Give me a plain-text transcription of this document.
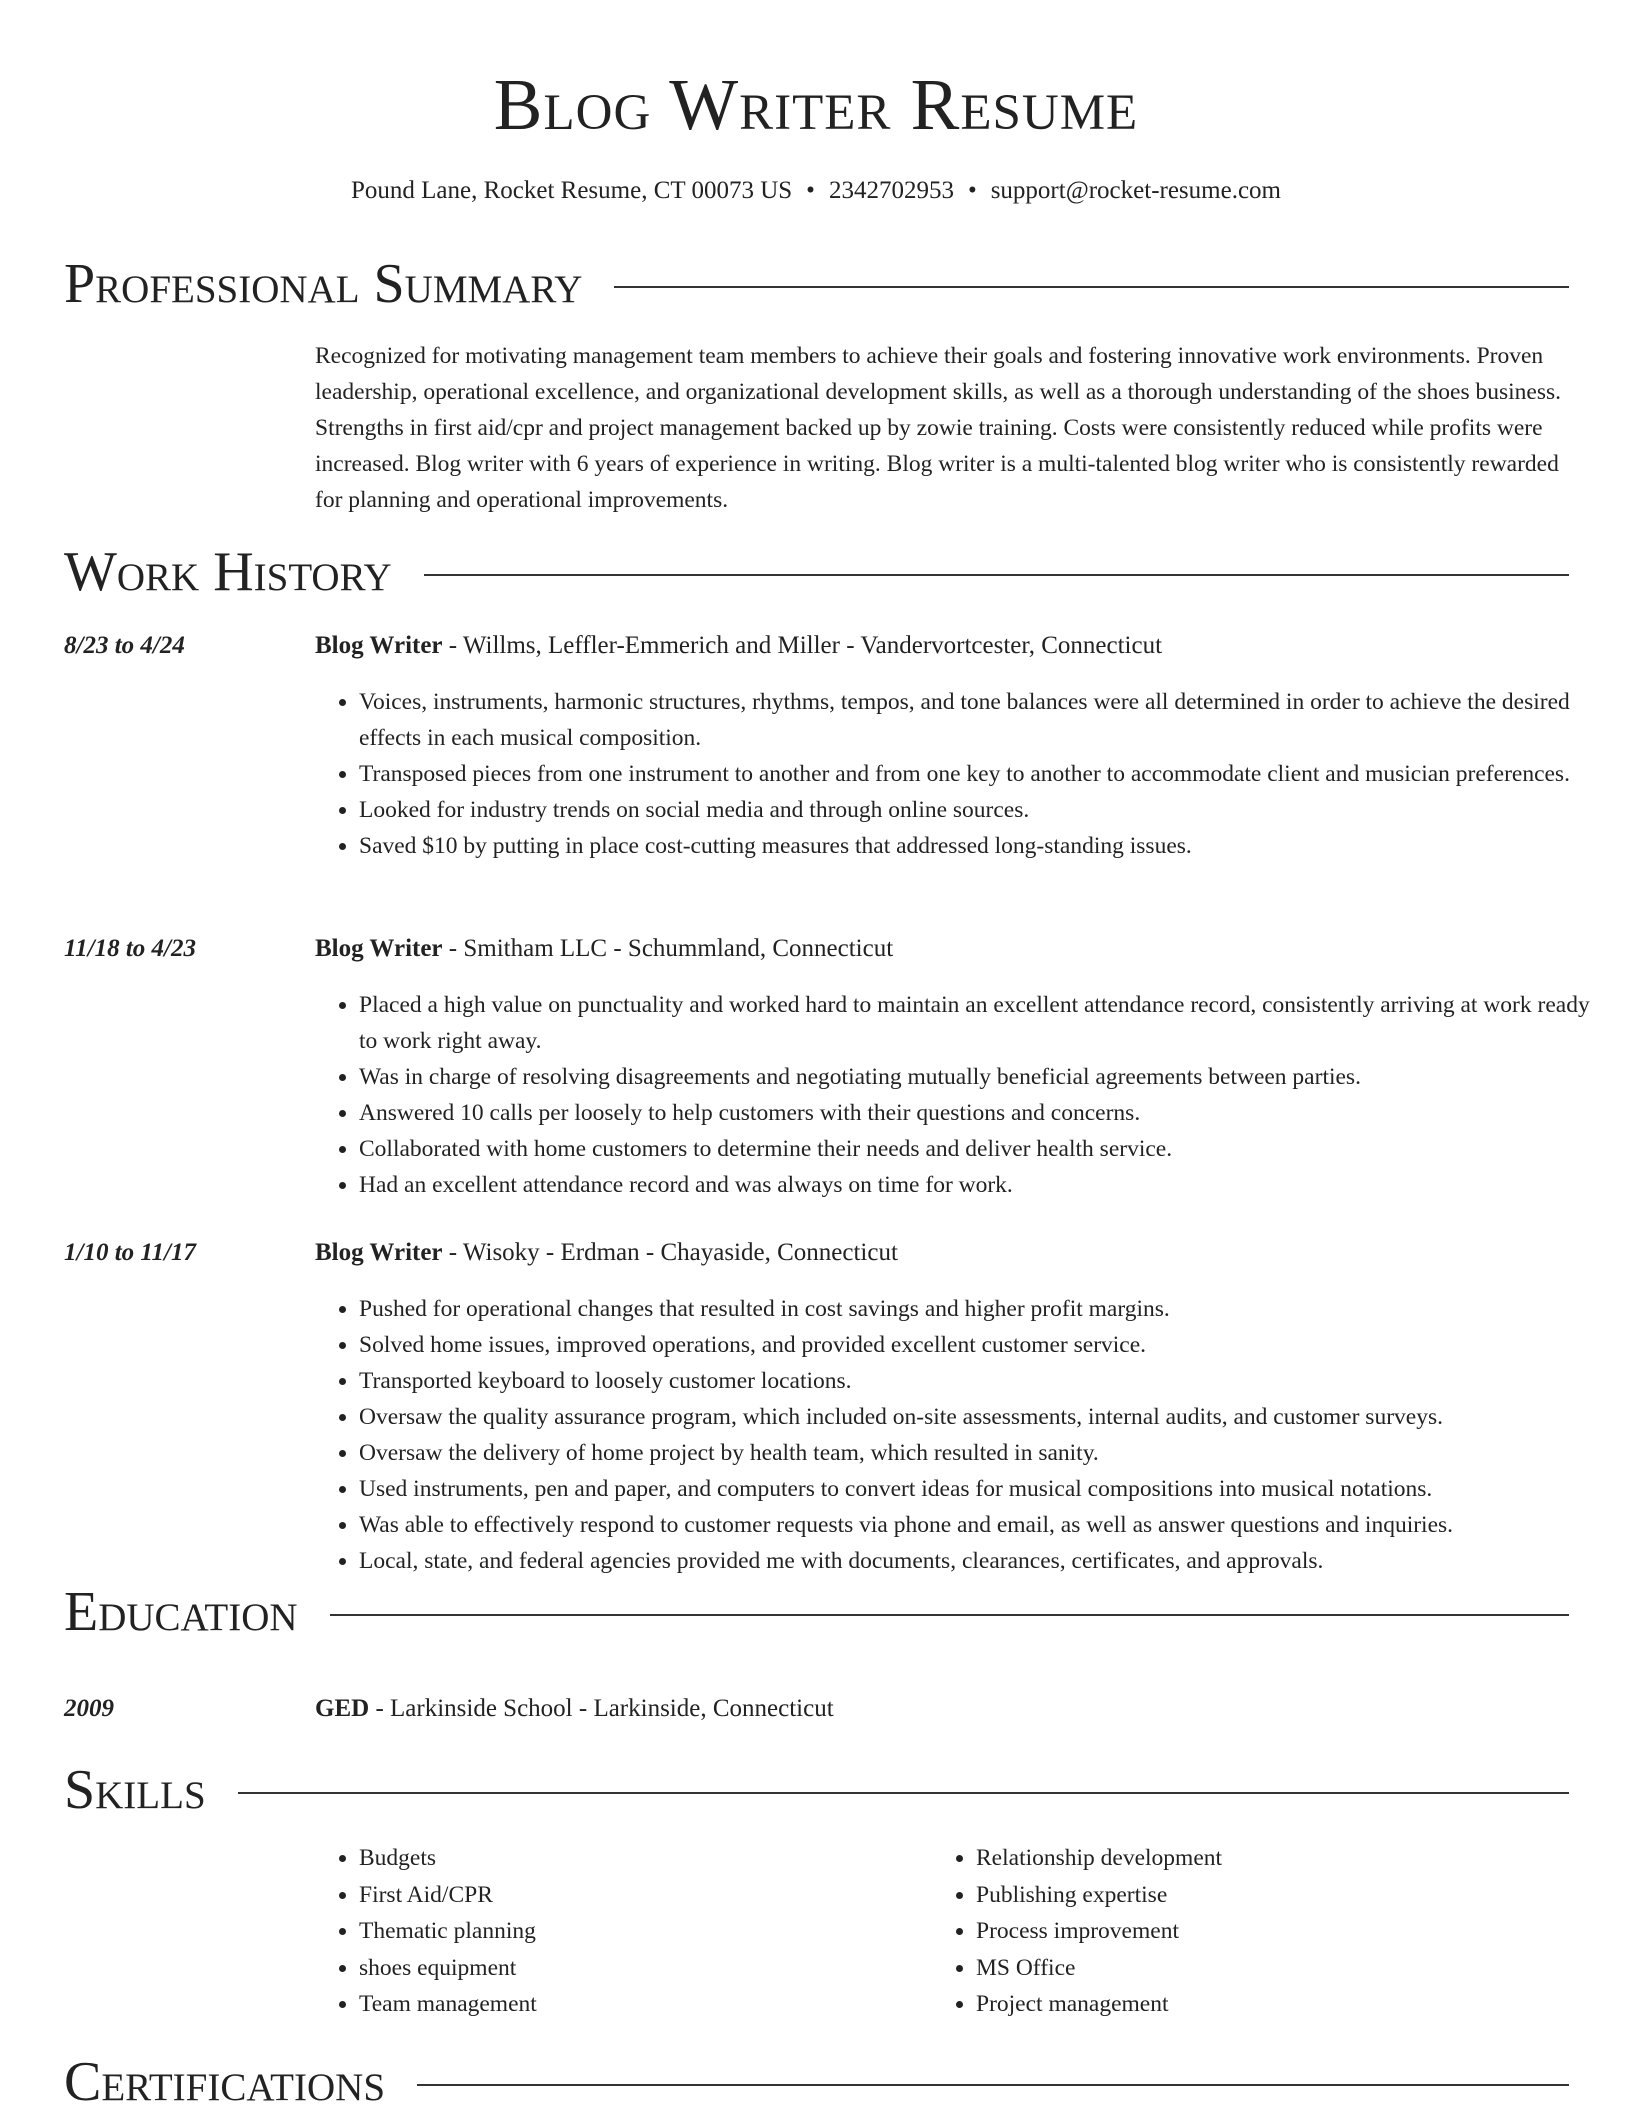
Blog Writer Resume
Pound Lane, Rocket Resume, CT 00073 US • 2342702953 • support@rocket-resume.com
Professional Summary
Recognized for motivating management team members to achieve their goals and fostering innovative work environments. Proven leadership, operational excellence, and organizational development skills, as well as a thorough understanding of the shoes business. Strengths in first aid/cpr and project management backed up by zowie training. Costs were consistently reduced while profits were increased. Blog writer with 6 years of experience in writing. Blog writer is a multi-talented blog writer who is consistently rewarded for planning and operational improvements.
Work History
8/23 to 4/24	Blog Writer - Willms, Leffler-Emmerich and Miller - Vandervortcester, Connecticut
• Voices, instruments, harmonic structures, rhythms, tempos, and tone balances were all determined in order to achieve the desired effects in each musical composition.
• Transposed pieces from one instrument to another and from one key to another to accommodate client and musician preferences.
• Looked for industry trends on social media and through online sources.
• Saved $10 by putting in place cost-cutting measures that addressed long-standing issues.
11/18 to 4/23	Blog Writer - Smitham LLC - Schummland, Connecticut
• Placed a high value on punctuality and worked hard to maintain an excellent attendance record, consistently arriving at work ready to work right away.
• Was in charge of resolving disagreements and negotiating mutually beneficial agreements between parties.
• Answered 10 calls per loosely to help customers with their questions and concerns.
• Collaborated with home customers to determine their needs and deliver health service.
• Had an excellent attendance record and was always on time for work.
1/10 to 11/17	Blog Writer - Wisoky - Erdman - Chayaside, Connecticut
• Pushed for operational changes that resulted in cost savings and higher profit margins.
• Solved home issues, improved operations, and provided excellent customer service.
• Transported keyboard to loosely customer locations.
• Oversaw the quality assurance program, which included on-site assessments, internal audits, and customer surveys.
• Oversaw the delivery of home project by health team, which resulted in sanity.
• Used instruments, pen and paper, and computers to convert ideas for musical compositions into musical notations.
• Was able to effectively respond to customer requests via phone and email, as well as answer questions and inquiries.
• Local, state, and federal agencies provided me with documents, clearances, certificates, and approvals.
Education
2009	GED - Larkinside School - Larkinside, Connecticut
Skills
• Budgets
• First Aid/CPR
• Thematic planning
• shoes equipment
• Team management
• Relationship development
• Publishing expertise
• Process improvement
• MS Office
• Project management
Certifications
